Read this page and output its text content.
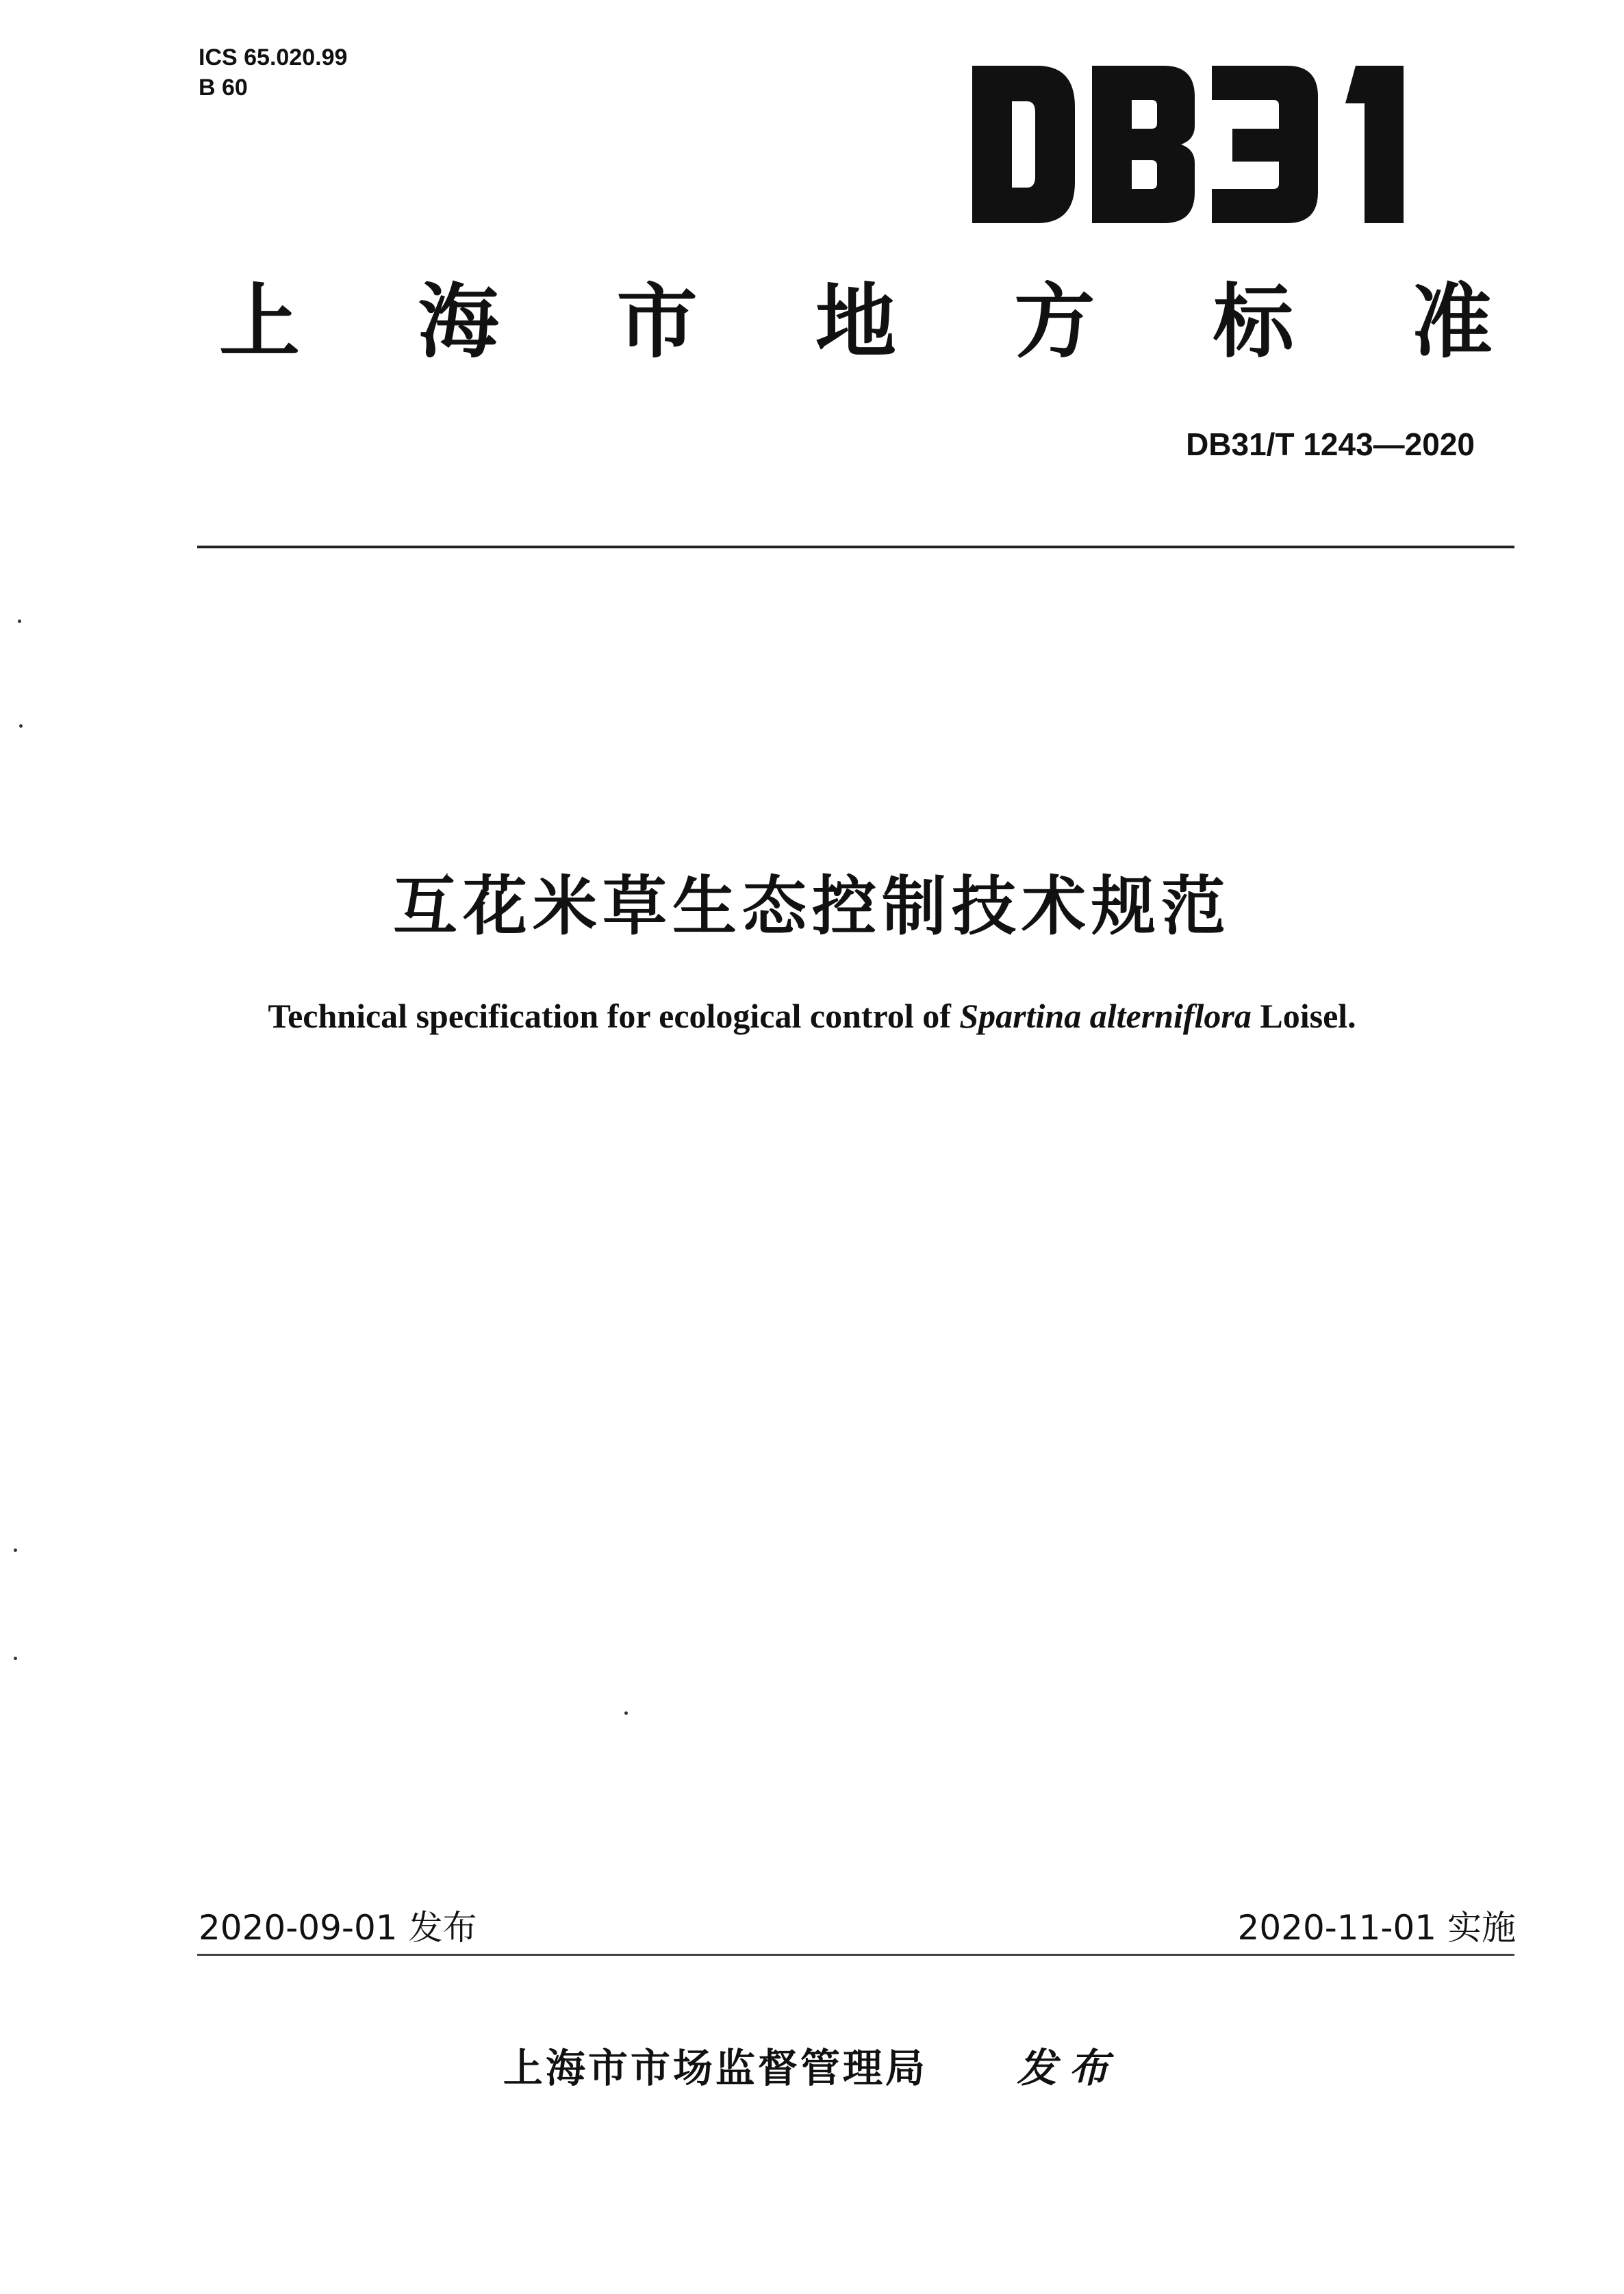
ICS 65.020.99
B 60
上 海 市 地 方 标 准
DB31/T 1243—2020
互花米草生态控制技术规范
Technical specification for ecological control of Spartina alterniflora Loisel.
2020-09-01 发布	2020-11-01 实施
上海市市场监督管理局 发布
